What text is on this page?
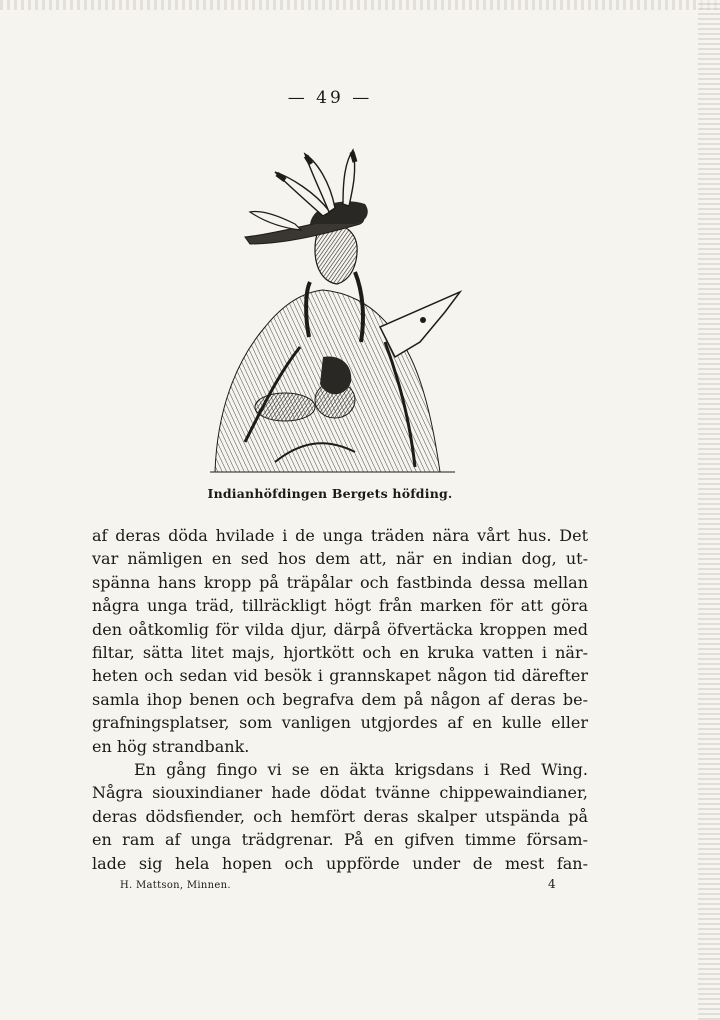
— 49 —
Indianhöfdingen Bergets höfding.
af deras döda hvilade i de unga träden nära vårt hus. Det
var nämligen en sed hos dem att, när en indian dog, ut-
spänna hans kropp på träpålar och fastbinda dessa mellan
några unga träd, tillräckligt högt från marken för att göra
den oåtkomlig för vilda djur, därpå öfvertäcka kroppen med
filtar, sätta litet majs, hjortkött och en kruka vatten i när-
heten och sedan vid besök i grannskapet någon tid därefter
samla ihop benen och begrafva dem på någon af deras be-
grafningsplatser, som vanligen utgjordes af en kulle eller
en hög strandbank.
En gång fingo vi se en äkta krigsdans i Red Wing.
Några siouxindianer hade dödat tvänne chippewaindianer,
deras dödsfiender, och hemfört deras skalper utspända på
en ram af unga trädgrenar. På en gifven timme försam-
lade sig hela hopen och uppförde under de mest fan-
H. Mattson, Minnen.	4
